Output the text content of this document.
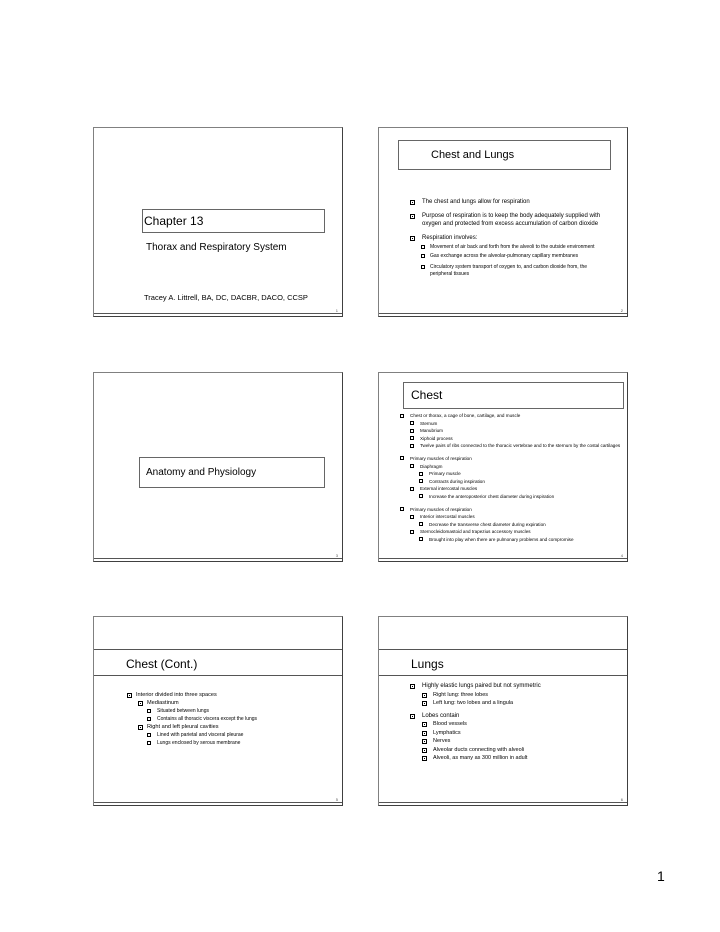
Chapter 13
Thorax and Respiratory System
Tracey A. Littrell, BA, DC, DACBR, DACO, CCSP
1
Chest and Lungs
The chest and lungs allow for respiration
Purpose of respiration is to keep the body adequately supplied with oxygen and protected from excess accumulation of carbon dioxide
Respiration involves:
Movement of air back and forth from the alveoli to the outside environment
Gas exchange across the alveolar-pulmonary capillary membranes
Circulatory system transport of oxygen to, and carbon dioxide from, the peripheral tissues
2
Anatomy and Physiology
3
Chest
Chest or thorax, a cage of bone, cartilage, and muscle
Sternum
Manubrium
Xiphoid process
Twelve pairs of ribs connected to the thoracic vertebrae and to the sternum by the costal cartilages
Primary muscles of respiration
Diaphragm
Primary muscle
Contracts during inspiration
External intercostal muscles
Increase the anteroposterior chest diameter during inspiration
Primary muscles of respiration
Interior intercostal muscles
Decrease the transverse chest diameter during expiration
Sternocleidomastoid and trapezius accessory muscles
Brought into play when there are pulmonary problems and compromise
4
Chest (Cont.)
Interior divided into three spaces
Mediastinum
Situated between lungs
Contains all thoracic viscera except the lungs
Right and left pleural cavities
Lined with parietal and visceral pleurae
Lungs enclosed by serous membrane
5
Lungs
Highly elastic lungs paired but not symmetric
Right lung: three lobes
Left lung: two lobes and a lingula
Lobes contain
Blood vessels
Lymphatics
Nerves
Alveolar ducts connecting with alveoli
Alveoli, as many as 300 million in adult
6
1
